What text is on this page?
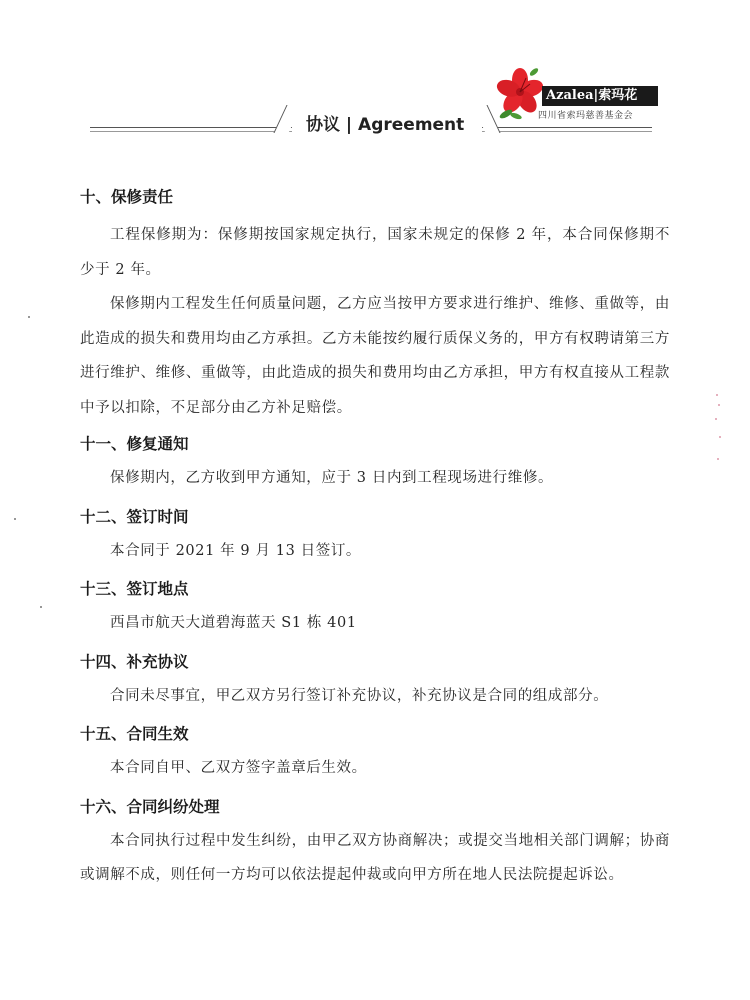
协议 | Agreement
Azalea|索玛花
四川省索玛慈善基金会
十、保修责任
工程保修期为：保修期按国家规定执行，国家未规定的保修 2 年，本合同保修期不少于 2 年。
保修期内工程发生任何质量问题，乙方应当按甲方要求进行维护、维修、重做等，由此造成的损失和费用均由乙方承担。乙方未能按约履行质保义务的，甲方有权聘请第三方进行维护、维修、重做等，由此造成的损失和费用均由乙方承担，甲方有权直接从工程款中予以扣除，不足部分由乙方补足赔偿。
十一、修复通知
保修期内，乙方收到甲方通知，应于 3 日内到工程现场进行维修。
十二、签订时间
本合同于 2021 年 9 月 13 日签订。
十三、签订地点
西昌市航天大道碧海蓝天 S1 栋 401
十四、补充协议
合同未尽事宜，甲乙双方另行签订补充协议，补充协议是合同的组成部分。
十五、合同生效
本合同自甲、乙双方签字盖章后生效。
十六、合同纠纷处理
本合同执行过程中发生纠纷，由甲乙双方协商解决；或提交当地相关部门调解；协商或调解不成，则任何一方均可以依法提起仲裁或向甲方所在地人民法院提起诉讼。
